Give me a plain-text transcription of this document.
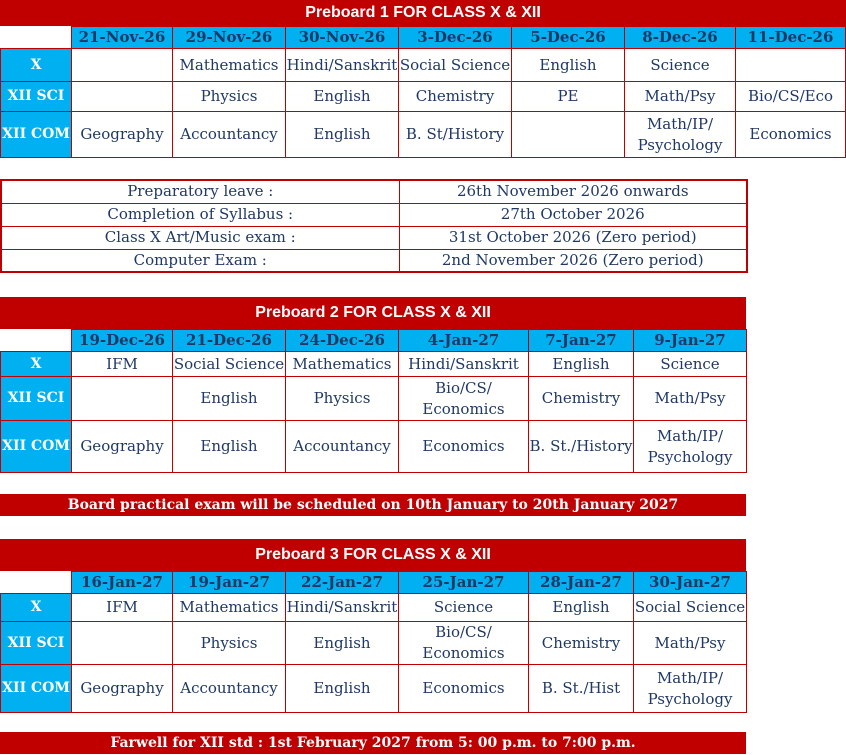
Preboard 1 FOR CLASS X & XII
	21-Nov-26	29-Nov-26	30-Nov-26	3-Dec-26	5-Dec-26	8-Dec-26	11-Dec-26
X		Mathematics	Hindi/Sanskrit	Social Science	English	Science	
XII SCI		Physics	English	Chemistry	PE	Math/Psy	Bio/CS/Eco
XII COM	Geography	Accountancy	English	B. St/History		Math/IP/ Psychology	Economics
Preparatory leave :	26th November 2026 onwards
Completion of Syllabus :	27th October 2026
Class X Art/Music exam :	31st October 2026 (Zero period)
Computer Exam :	2nd November 2026 (Zero period)
Preboard 2 FOR CLASS X & XII
	19-Dec-26	21-Dec-26	24-Dec-26	4-Jan-27	7-Jan-27	9-Jan-27
X	IFM	Social Science	Mathematics	Hindi/Sanskrit	English	Science
XII SCI		English	Physics	Bio/CS/ Economics	Chemistry	Math/Psy
XII COM	Geography	English	Accountancy	Economics	B. St./History	Math/IP/ Psychology
Board practical exam will be scheduled on 10th January to 20th January 2027
Preboard 3 FOR CLASS X & XII
	16-Jan-27	19-Jan-27	22-Jan-27	25-Jan-27	28-Jan-27	30-Jan-27
X	IFM	Mathematics	Hindi/Sanskrit	Science	English	Social Science
XII SCI		Physics	English	Bio/CS/ Economics	Chemistry	Math/Psy
XII COM	Geography	Accountancy	English	Economics	B. St./Hist	Math/IP/ Psychology
Farwell for XII std : 1st February 2027 from 5: 00 p.m. to 7:00 p.m.
